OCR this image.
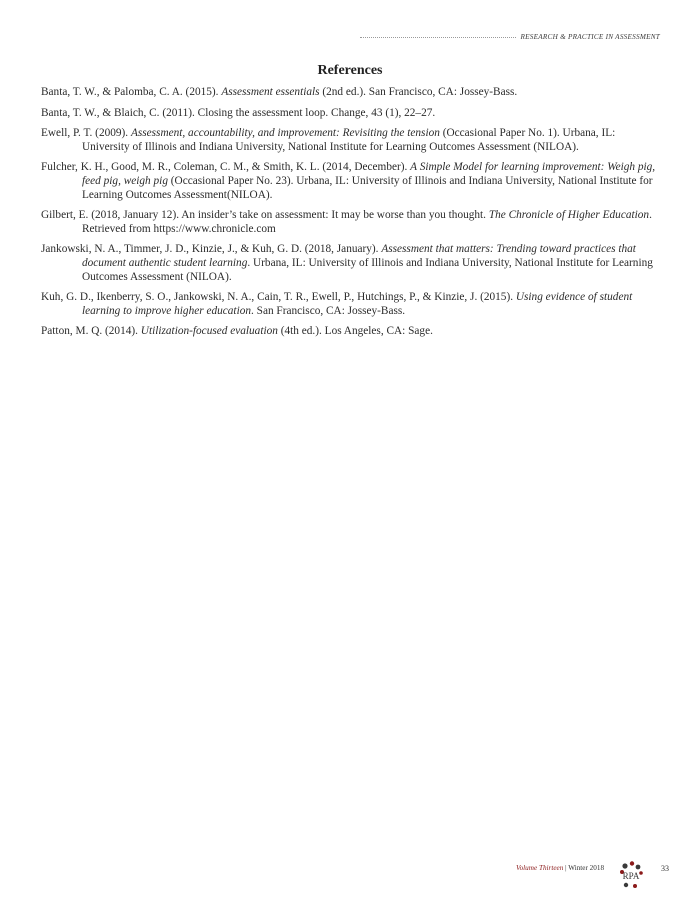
RESEARCH & PRACTICE IN ASSESSMENT
References
Banta, T. W., & Palomba, C. A. (2015). Assessment essentials (2nd ed.). San Francisco, CA: Jossey-Bass.
Banta, T. W., & Blaich, C. (2011). Closing the assessment loop. Change, 43 (1), 22–27.
Ewell, P. T. (2009). Assessment, accountability, and improvement: Revisiting the tension (Occasional Paper No. 1). Urbana, IL: University of Illinois and Indiana University, National Institute for Learning Outcomes Assessment (NILOA).
Fulcher, K. H., Good, M. R., Coleman, C. M., & Smith, K. L. (2014, December). A Simple Model for learning improvement: Weigh pig, feed pig, weigh pig (Occasional Paper No. 23). Urbana, IL: University of Illinois and Indiana University, National Institute for Learning Outcomes Assessment(NILOA).
Gilbert, E. (2018, January 12). An insider’s take on assessment: It may be worse than you thought. The Chronicle of Higher Education. Retrieved from https://www.chronicle.com
Jankowski, N. A., Timmer, J. D., Kinzie, J., & Kuh, G. D. (2018, January). Assessment that matters: Trending toward practices that document authentic student learning. Urbana, IL: University of Illinois and Indiana University, National Institute for Learning Outcomes Assessment (NILOA).
Kuh, G. D., Ikenberry, S. O., Jankowski, N. A., Cain, T. R., Ewell, P., Hutchings, P., & Kinzie, J. (2015). Using evidence of student learning to improve higher education. San Francisco, CA: Jossey-Bass.
Patton, M. Q. (2014). Utilization-focused evaluation (4th ed.). Los Angeles, CA: Sage.
Volume Thirteen | Winter 2018
RPA
33
